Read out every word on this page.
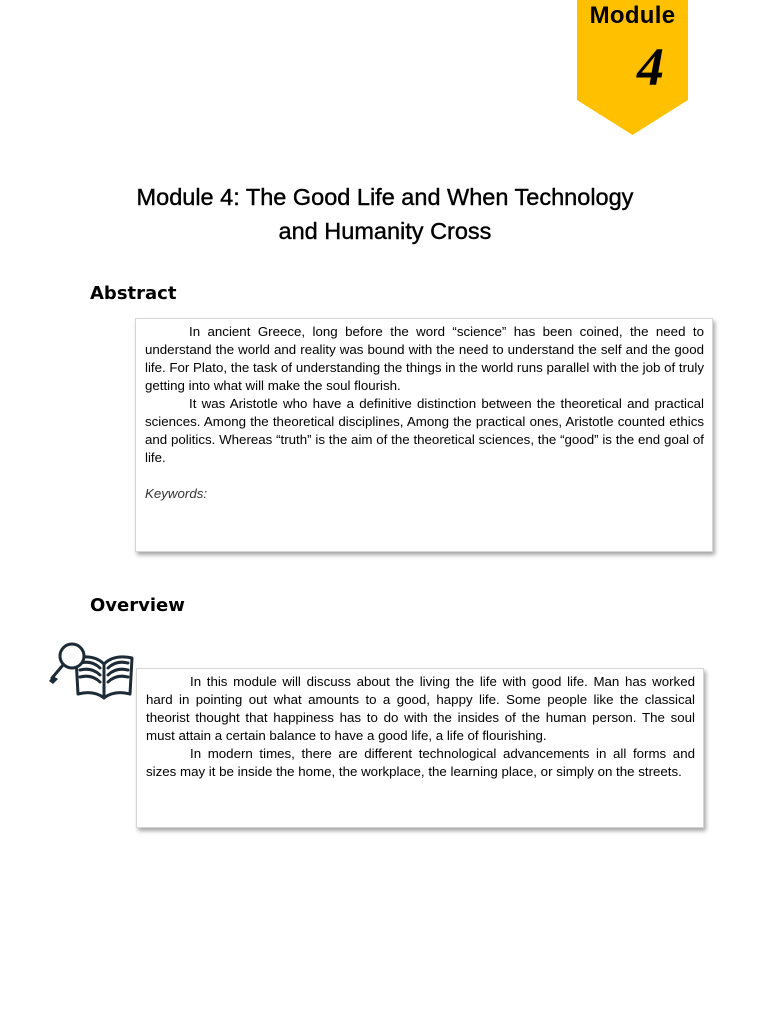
Module
4
Module 4: The Good Life and When Technology
and Humanity Cross
Abstract

In ancient Greece, long before the word “science” has been coined, the need to understand the world and reality was bound with the need to understand the self and the good life. For Plato, the task of understanding the things in the world runs parallel with the job of truly getting into what will make the soul flourish.

It was Aristotle who have a definitive distinction between the theoretical and practical sciences. Among the theoretical disciplines, Among the practical ones, Aristotle counted ethics and politics. Whereas “truth” is the aim of the theoretical sciences, the “good” is the end goal of life.

Keywords:

Overview

In this module will discuss about the living the life with good life. Man has worked hard in pointing out what amounts to a good, happy life. Some people like the classical theorist thought that happiness has to do with the insides of the human person. The soul must attain a certain balance to have a good life, a life of flourishing.

In modern times, there are different technological advancements in all forms and sizes may it be inside the home, the workplace, the learning place, or simply on the streets.
